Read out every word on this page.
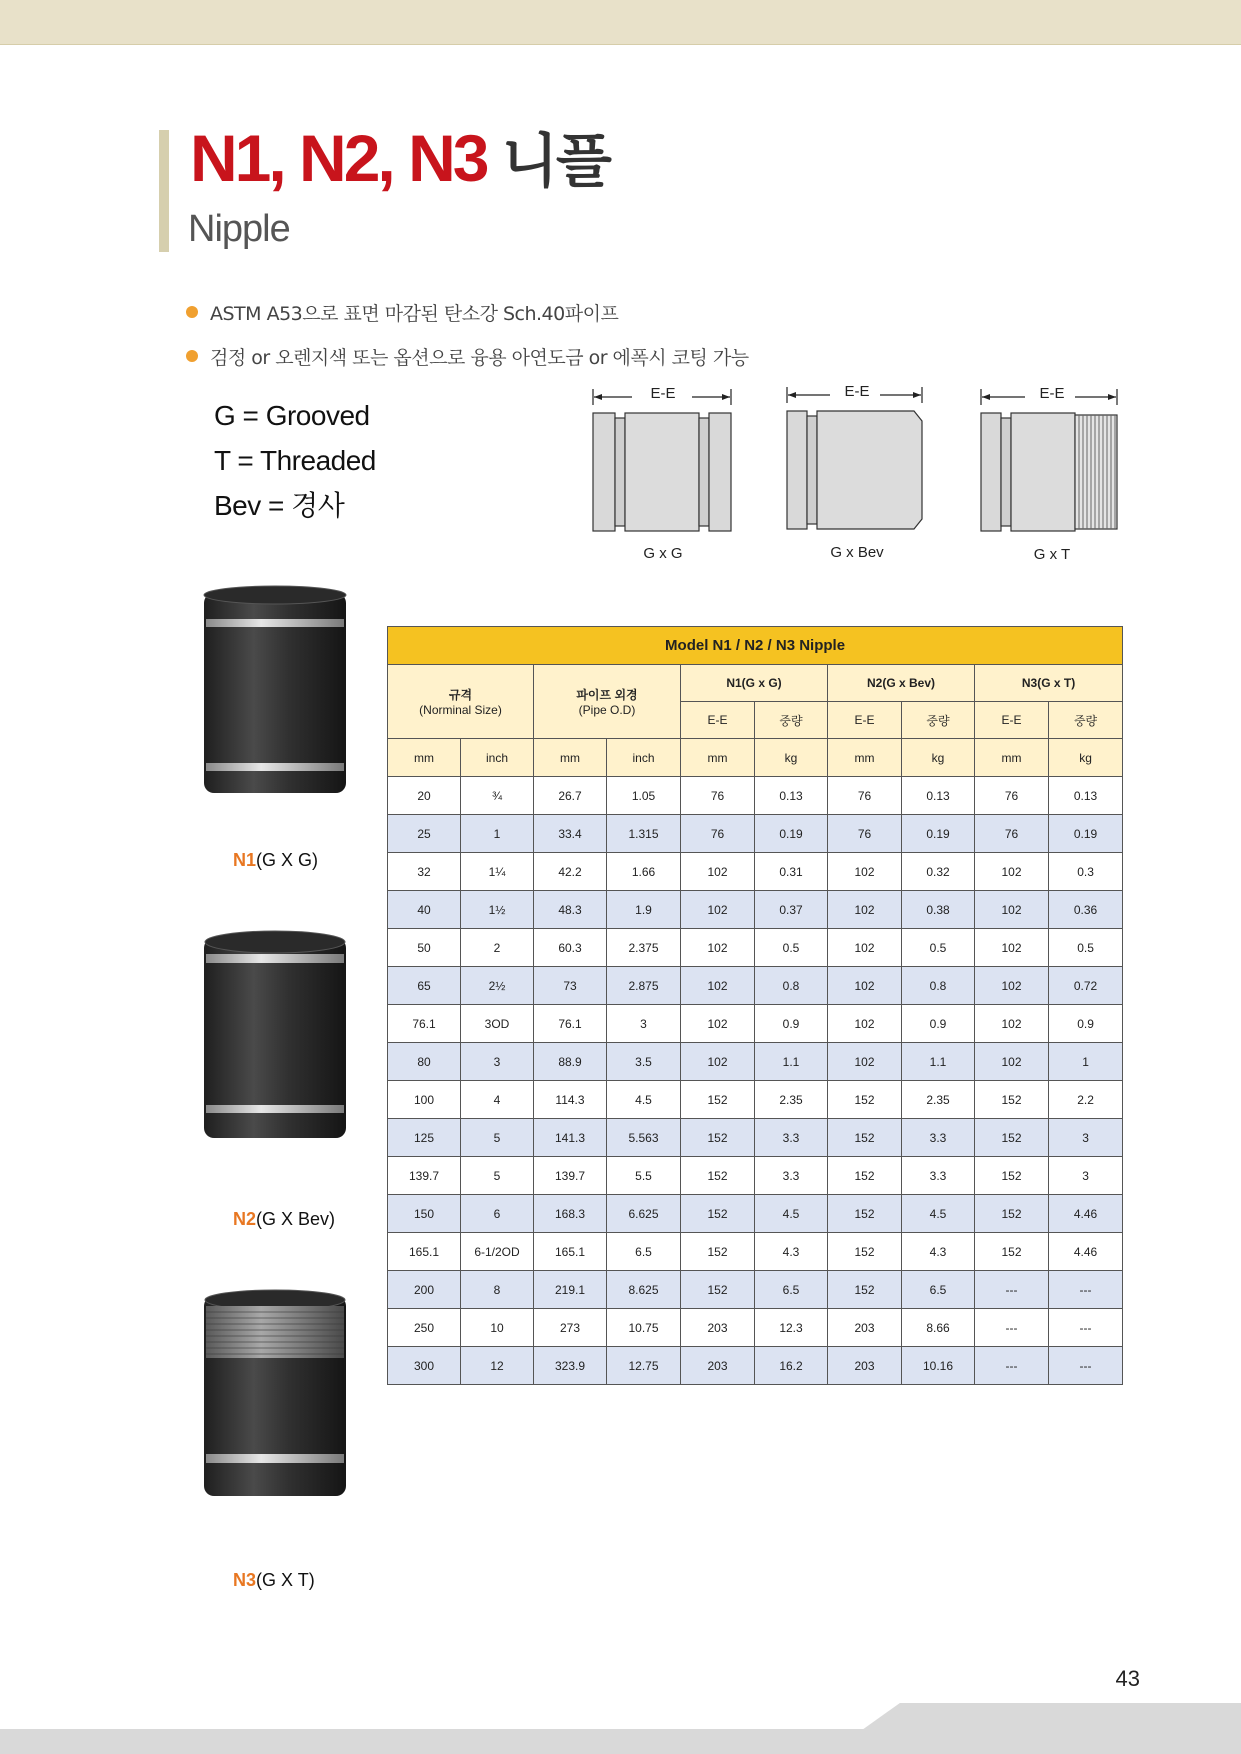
N1, N2, N3 니플
Nipple
ASTM A53으로 표면 마감된 탄소강 Sch.40파이프
검정 or 오렌지색 또는 옵션으로 융용 아연도금 or 에폭시 코팅 가능
G = Grooved
T = Threaded
Bev = 경사
E-E
G x G
E-E
G x Bev
E-E
G x T
N1(G X G)
N2(G X Bev)
N3(G X T)
Model N1 / N2 / N3 Nipple									

규격
(Norminal Size)		파이프 외경
(Pipe O.D)		N1(G x G)		N2(G x Bev)		N3(G x T)	

				E-E	중량	E-E	중량	E-E	중량
mm	inch	mm	inch	mm	kg	mm	kg	mm	kg
20	¾	26.7	1.05	76	0.13	76	0.13	76	0.13
25	1	33.4	1.315	76	0.19	76	0.19	76	0.19
32	1¼	42.2	1.66	102	0.31	102	0.32	102	0.3
40	1½	48.3	1.9	102	0.37	102	0.38	102	0.36
50	2	60.3	2.375	102	0.5	102	0.5	102	0.5
65	2½	73	2.875	102	0.8	102	0.8	102	0.72
76.1	3OD	76.1	3	102	0.9	102	0.9	102	0.9
80	3	88.9	3.5	102	1.1	102	1.1	102	1
100	4	114.3	4.5	152	2.35	152	2.35	152	2.2
125	5	141.3	5.563	152	3.3	152	3.3	152	3
139.7	5	139.7	5.5	152	3.3	152	3.3	152	3
150	6	168.3	6.625	152	4.5	152	4.5	152	4.46
165.1	6-1/2OD	165.1	6.5	152	4.3	152	4.3	152	4.46
200	8	219.1	8.625	152	6.5	152	6.5	---	---
250	10	273	10.75	203	12.3	203	8.66	---	---
300	12	323.9	12.75	203	16.2	203	10.16	---	---
43
